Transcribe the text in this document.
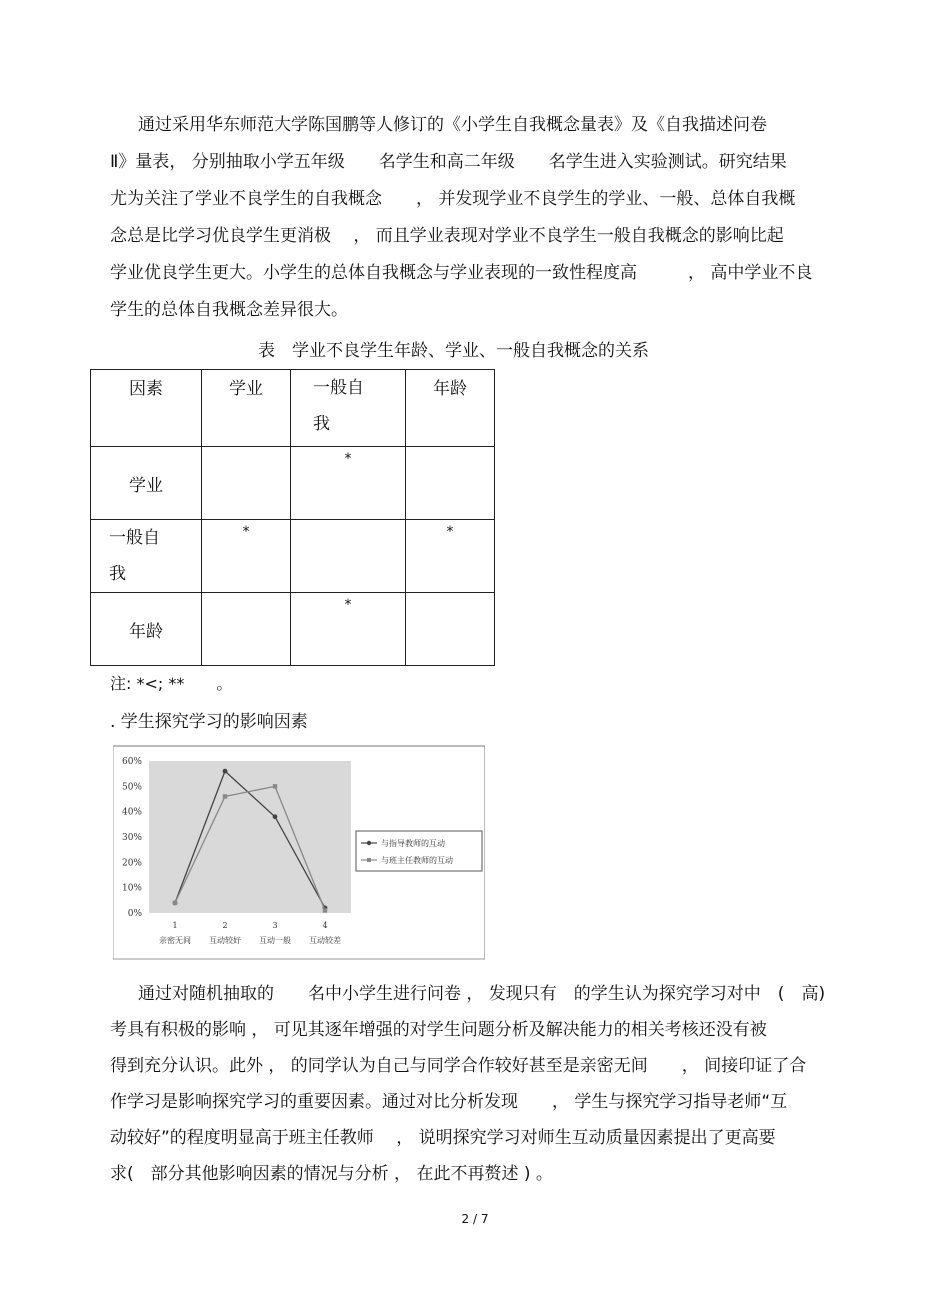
通过采用华东师范大学陈国鹏等人修订的《小学生自我概念量表》及《自我描述问卷
Ⅱ》量表， 分别抽取小学五年级　　名学生和高二年级　　名学生进入实验测试。研究结果
尤为关注了学业不良学生的自我概念　　， 并发现学业不良学生的学业、一般、总体自我概
念总是比学习优良学生更消极　 ， 而且学业表现对学业不良学生一般自我概念的影响比起
学业优良学生更大。小学生的总体自我概念与学业表现的一致性程度高　　　， 高中学业不良
学生的总体自我概念差异很大。
表　学业不良学生年龄、学业、一般自我概念的关系
因素	学业	一般自我	年龄
学业		*	

一般自我	*		*

年龄		*	

注: *<; **　　。
. 学生探究学习的影响因素
60%
50%
40%
30%
20%
10%
0%
1
亲密无间
2
互动较好
3
互动一般
4
互动较差
与指导教师的互动
与班主任教师的互动
通过对随机抽取的　　名中小学生进行问卷 ， 发现只有　的学生认为探究学习对中　(　高)
考具有积极的影响 ， 可见其逐年增强的对学生问题分析及解决能力的相关考核还没有被
得到充分认识。此外 ， 的同学认为自己与同学合作较好甚至是亲密无间　　， 间接印证了合
作学习是影响探究学习的重要因素。通过对比分析发现　　， 学生与探究学习指导老师“互
动较好”的程度明显高于班主任教师　 ， 说明探究学习对师生互动质量因素提出了更高要
求(　部分其他影响因素的情况与分析 ， 在此不再赘述 ) 。
2 / 7
